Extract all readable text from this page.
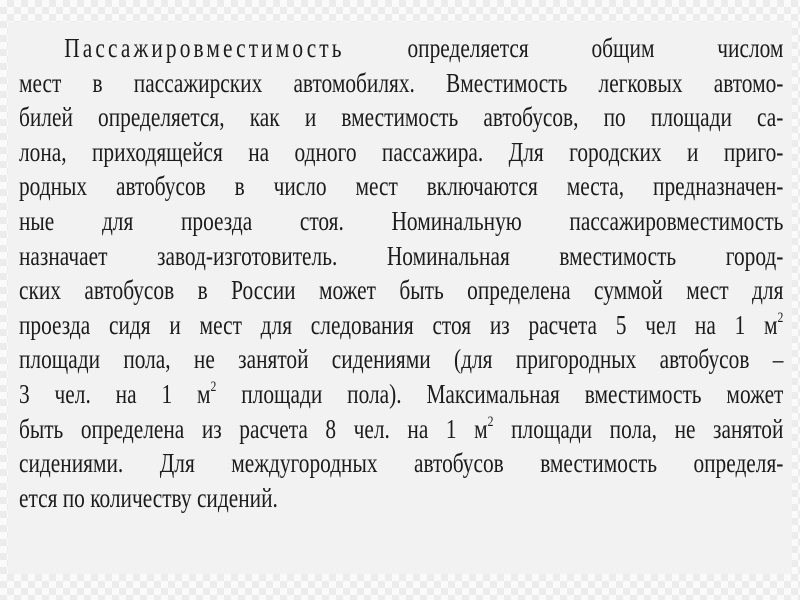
Пассажировместимость определяется общим числом
мест в пассажирских автомобилях. Вместимость легковых автомо-
билей определяется, как и вместимость автобусов, по площади са-
лона, приходящейся на одного пассажира. Для городских и приго-
родных автобусов в число мест включаются места, предназначен-
ные для проезда стоя. Номинальную пассажировместимость
назначает завод-изготовитель. Номинальная вместимость город-
ских автобусов в России может быть определена суммой мест для
проезда сидя и мест для следования стоя из расчета 5 чел на 1 $м^2$
площади пола, не занятой сидениями (для пригородных автобусов –
3 чел. на 1 $м^2$ площади пола). Максимальная вместимость может
быть определена из расчета 8 чел. на 1 $м^2$ площади пола, не занятой
сидениями. Для междугородных автобусов вместимость определя-
ется по количеству сидений.
